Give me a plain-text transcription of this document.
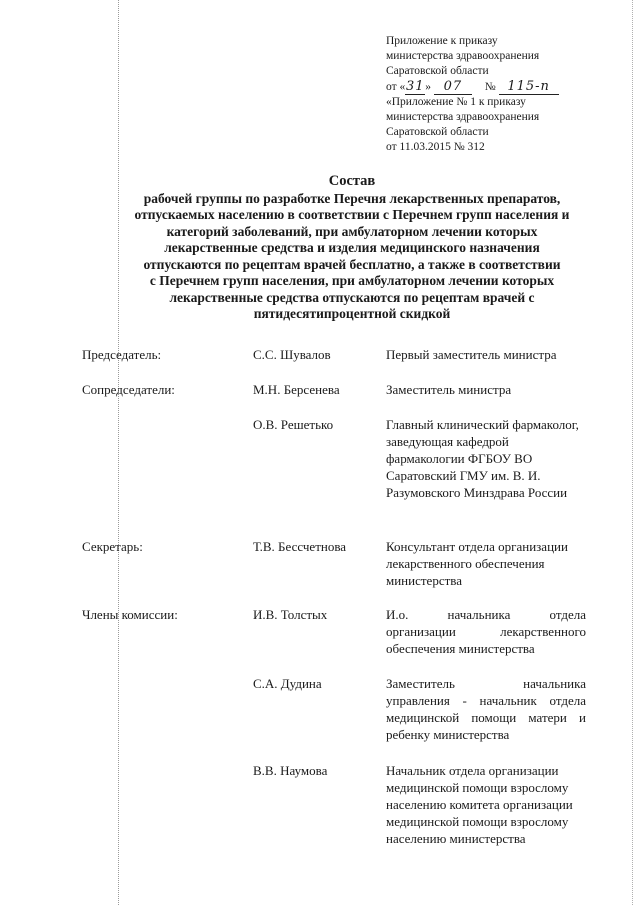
Приложение к приказу
министерства здравоохранения
Саратовской области
от «31» 07 № 115-п
«Приложение № 1 к приказу
министерства здравоохранения
Саратовской области
от 11.03.2015 № 312
Состав
рабочей группы по разработке Перечня лекарственных препаратов,
отпускаемых населению в соответствии с Перечнем групп населения и
категорий заболеваний, при амбулаторном лечении которых
лекарственные средства и изделия медицинского назначения
отпускаются по рецептам врачей бесплатно, а также в соответствии
с Перечнем групп населения, при амбулаторном лечении которых
лекарственные средства отпускаются по рецептам врачей с
пятидесятипроцентной скидкой
Председатель:	С.С. Шувалов	Первый заместитель министра
Сопредседатели:	М.Н. Берсенева	Заместитель министра
О.В. Решетько	Главный клинический фармаколог, заведующая кафедрой фармакологии ФГБОУ ВО Саратовский ГМУ им. В. И. Разумовского Минздрава России
Секретарь:	Т.В. Бессчетнова	Консультант отдела организации лекарственного обеспечения министерства
Члены комиссии:	И.В. Толстых	И.о. начальника отдела организации лекарственного обеспечения министерства
С.А. Дудина	Заместитель начальника управления - начальник отдела медицинской помощи матери и ребенку министерства
В.В. Наумова	Начальник отдела организации медицинской помощи взрослому населению комитета организации медицинской помощи взрослому населению министерства
